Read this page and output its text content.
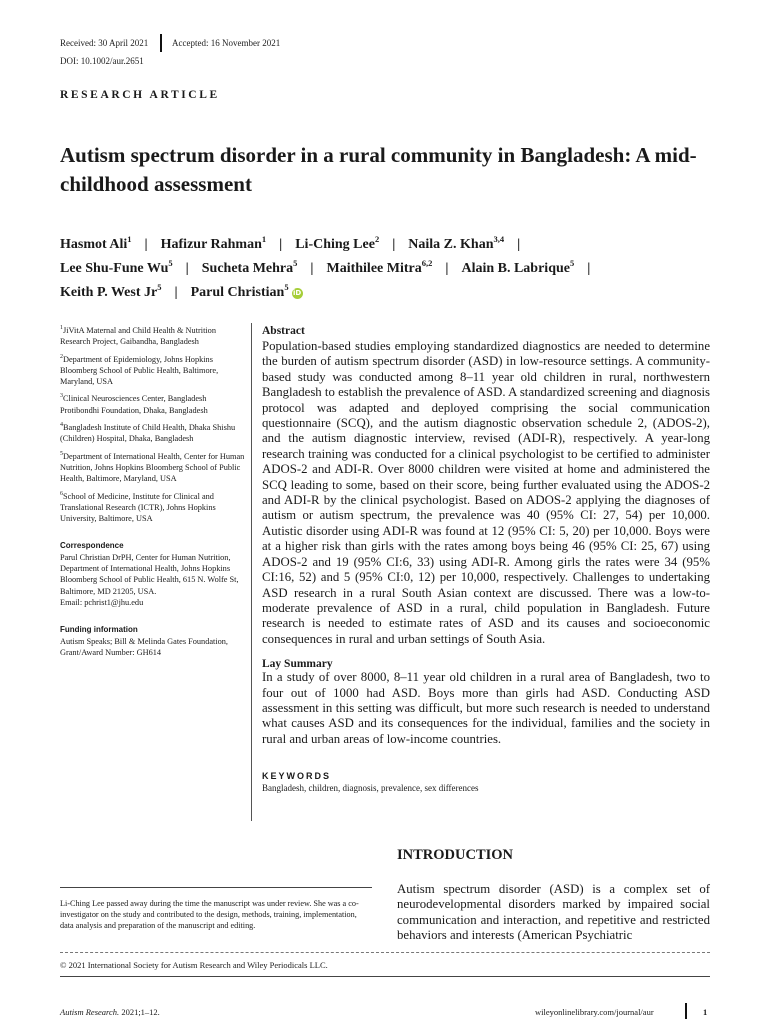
Received: 30 April 2021	Accepted: 16 November 2021
DOI: 10.1002/aur.2651
RESEARCH ARTICLE
Autism spectrum disorder in a rural community in Bangladesh: A mid-childhood assessment
Hasmot Ali$^1$ | Hafizur Rahman$^1$ | Li-Ching Lee$^2$ | Naila Z. Khan$^{3,4}$ |
Lee Shu-Fune Wu$^5$ | Sucheta Mehra$^5$ | Maithilee Mitra$^{6,2}$ | Alain B. Labrique$^5$ |
Keith P. West Jr$^5$ | Parul Christian$^5$iD
$^1$JiVitA Maternal and Child Health & Nutrition Research Project, Gaibandha, Bangladesh
$^2$Department of Epidemiology, Johns Hopkins Bloomberg School of Public Health, Baltimore, Maryland, USA
$^3$Clinical Neurosciences Center, Bangladesh Protibondhi Foundation, Dhaka, Bangladesh
$^4$Bangladesh Institute of Child Health, Dhaka Shishu (Children) Hospital, Dhaka, Bangladesh
$^5$Department of International Health, Center for Human Nutrition, Johns Hopkins Bloomberg School of Public Health, Baltimore, Maryland, USA
$^6$School of Medicine, Institute for Clinical and Translational Research (ICTR), Johns Hopkins University, Baltimore, USA
Correspondence
Parul Christian DrPH, Center for Human Nutrition, Department of International Health, Johns Hopkins Bloomberg School of Public Health, 615 N. Wolfe St, Baltimore, MD 21205, USA.
Email: pchrist1@jhu.edu
Funding information
Autism Speaks; Bill & Melinda Gates Foundation, Grant/Award Number: GH614
Abstract
Population-based studies employing standardized diagnostics are needed to determine the burden of autism spectrum disorder (ASD) in low-resource settings. A community-based study was conducted among 8–11 year old children in rural, northwestern Bangladesh to establish the prevalence of ASD. A standardized screening and diagnosis protocol was adapted and deployed comprising the social communication questionnaire (SCQ), and the autism diagnostic observation schedule 2, (ADOS-2), and the autism diagnostic interview, revised (ADI-R), respectively. A year-long research training was conducted for a clinical psychologist to be certified to administer ADOS-2 and ADI-R. Over 8000 children were visited at home and administered the SCQ leading to some, based on their score, being further evaluated using the ADOS-2 and ADI-R by the clinical psychologist. Based on ADOS-2 applying the diagnoses of autism or autism spectrum, the prevalence was 40 (95% CI: 27, 54) per 10,000. Autistic disorder using ADI-R was found at 12 (95% CI: 5, 20) per 10,000. Boys were at a higher risk than girls with the rates among boys being 46 (95% CI: 25, 67) using ADOS-2 and 19 (95% CI:6, 33) using ADI-R. Among girls the rates were 34 (95% CI:16, 52) and 5 (95% CI:0, 12) per 10,000, respectively. Challenges to undertaking ASD research in a rural South Asian context are discussed. There was a low-to-moderate prevalence of ASD in a rural, child population in Bangladesh. Future research is needed to estimate rates of ASD and its causes and socioeconomic consequences in rural and urban settings of South Asia.
Lay Summary
In a study of over 8000, 8–11 year old children in a rural area of Bangladesh, two to four out of 1000 had ASD. Boys more than girls had ASD. Conducting ASD assessment in this setting was difficult, but more such research is needed to understand what causes ASD and its consequences for the individual, families and the society in rural and urban areas of low-income countries.
KEYWORDS
Bangladesh, children, diagnosis, prevalence, sex differences
INTRODUCTION
Autism spectrum disorder (ASD) is a complex set of neurodevelopmental disorders marked by impaired social communication and interaction, and repetitive and restricted behaviors and interests (American Psychiatric
Li-Ching Lee passed away during the time the manuscript was under review. She was a co-investigator on the study and contributed to the design, methods, training, implementation, data analysis and preparation of the manuscript and editing.
© 2021 International Society for Autism Research and Wiley Periodicals LLC.
Autism Research. 2021;1–12.	wileyonlinelibrary.com/journal/aur	1
